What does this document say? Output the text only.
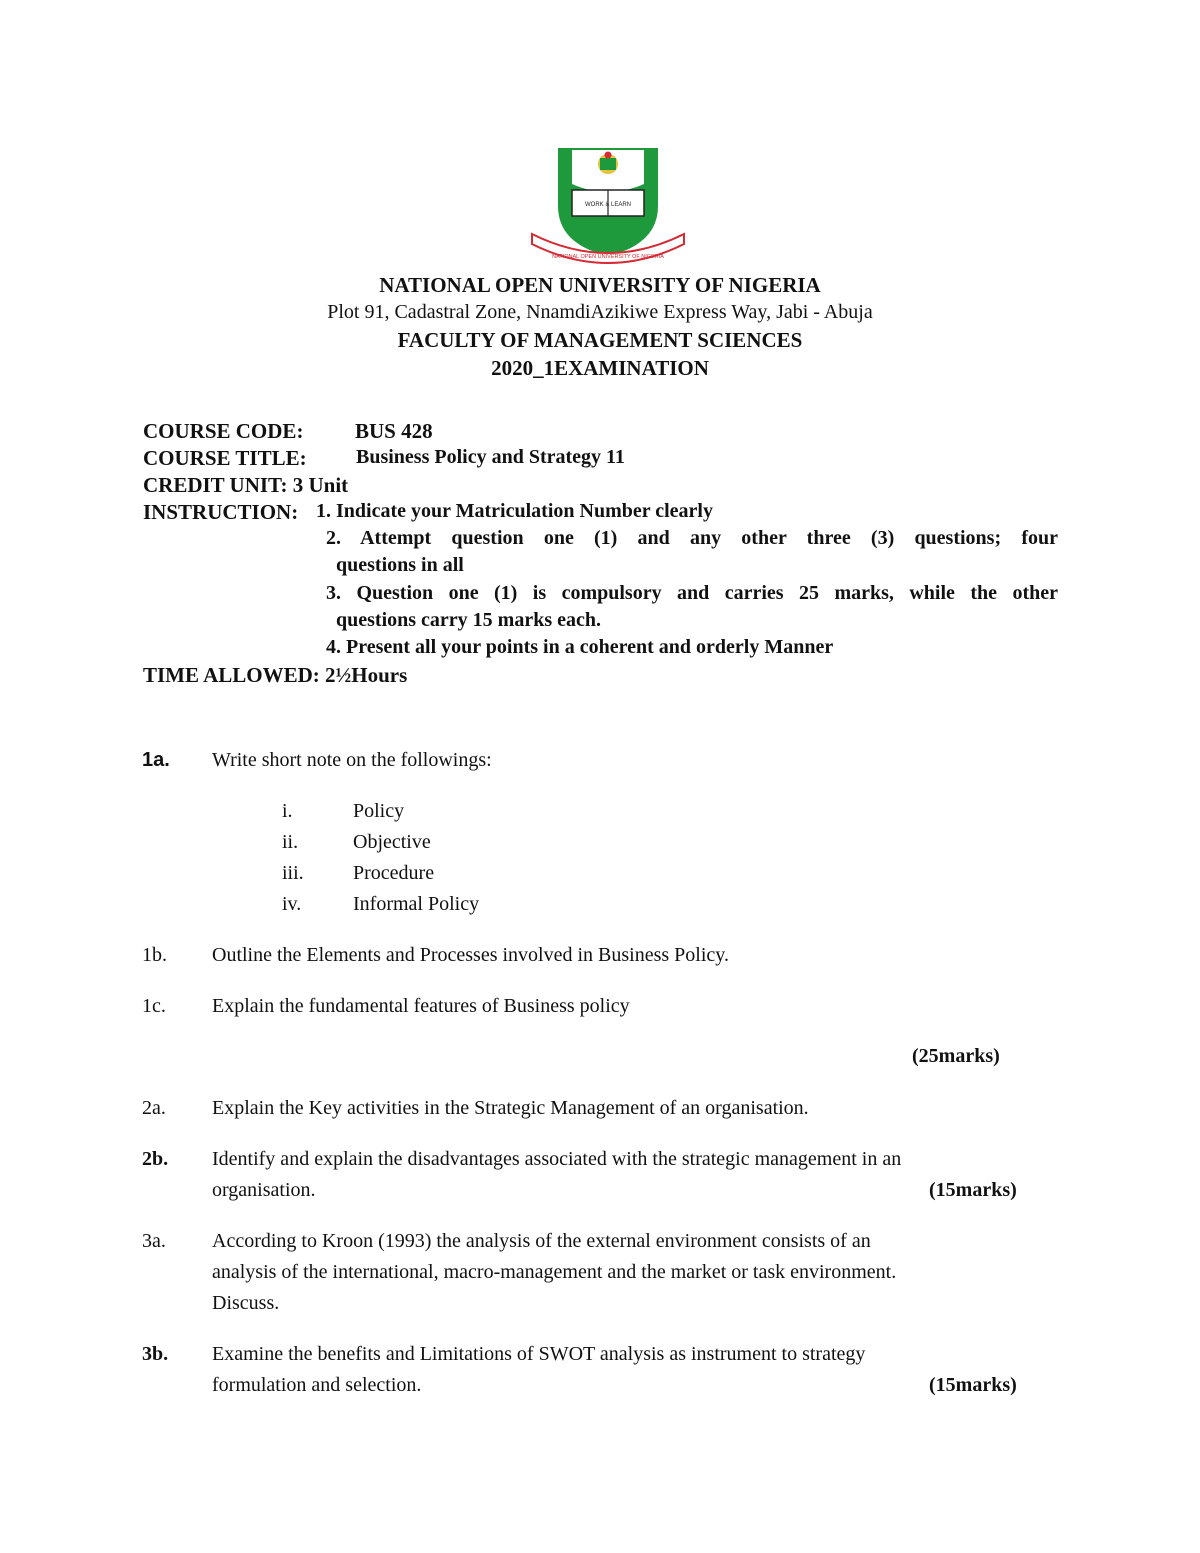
WORK & LEARN
NATIONAL OPEN UNIVERSITY OF NIGERIA
NATIONAL OPEN UNIVERSITY OF NIGERIA
Plot 91, Cadastral Zone, NnamdiAzikiwe Express Way, Jabi - Abuja
FACULTY OF MANAGEMENT SCIENCES
2020_1EXAMINATION
COURSE CODE: BUS 428
COURSE TITLE: Business Policy and Strategy 11
CREDIT UNIT: 3 Unit
INSTRUCTION: 1. Indicate your Matriculation Number clearly
2. Attempt question one (1) and any other three (3) questions; four
questions in all
3. Question one (1) is compulsory and carries 25 marks, while the other
questions carry 15 marks each.
4. Present all your points in a coherent and orderly Manner
TIME ALLOWED: 2½Hours
1a. Write short note on the followings:
i.	Policy
ii.	Objective
iii. Procedure
iv.	Informal Policy
1b. Outline the Elements and Processes involved in Business Policy.
1c. Explain the fundamental features of Business policy
(25marks)
2a. Explain the Key activities in the Strategic Management of an organisation.
2b. Identify and explain the disadvantages associated with the strategic management in an
organisation.	(15marks)
3a. According to Kroon (1993) the analysis of the external environment consists of an
analysis of the international, macro-management and the market or task environment.
Discuss.
3b. Examine the benefits and Limitations of SWOT analysis as instrument to strategy
formulation and selection.	(15marks)
